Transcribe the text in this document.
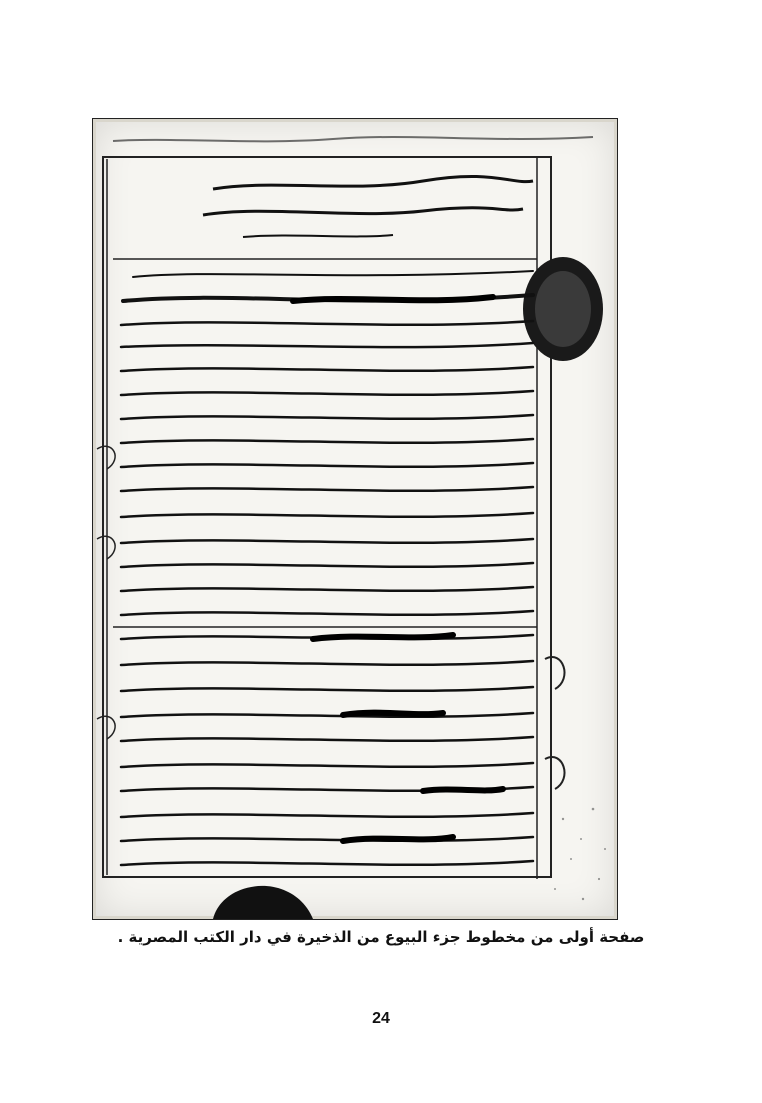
صفحة أولى من مخطوط جزء البيوع من الذخيرة في دار الكتب المصرية .
24
